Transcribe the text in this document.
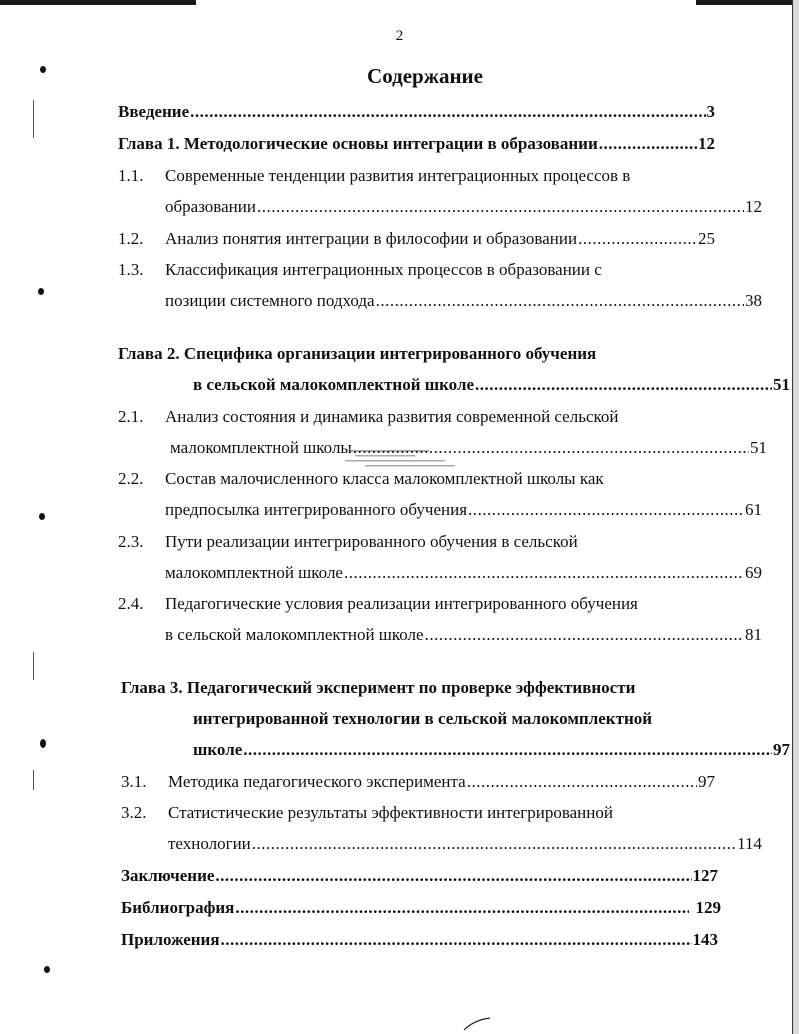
2
Содержание
Введение .....	3
Глава 1. Методологические основы интеграции в образовании .....	12
1.1. Современные тенденции развития интеграционных процессов в
образовании .....	12
1.2.	Анализ понятия интеграции в философии и образовании .....	25
1.3. Классификация интеграционных процессов в образовании с
позиции системного подхода .....	38
Глава 2. Специфика организации интегрированного обучения
в сельской малокомплектной школе .....	51
2.1. Анализ состояния и динамика развития современной сельской
малокомплектной школы .....	51
2.2. Состав малочисленного класса малокомплектной школы как
предпосылка интегрированного обучения .....	61
2.3. Пути реализации интегрированного обучения в сельской
малокомплектной школе .....	69
2.4. Педагогические условия реализации интегрированного обучения
в сельской малокомплектной школе .....	81
Глава 3. Педагогический эксперимент по проверке эффективности
интегрированной технологии в сельской малокомплектной
школе .....	97
3.1.	Методика педагогического эксперимента .....	97
3.2. Статистические результаты эффективности интегрированной
технологии .....	114
Заключение .....	127
Библиография .....	129
Приложения .....	143
